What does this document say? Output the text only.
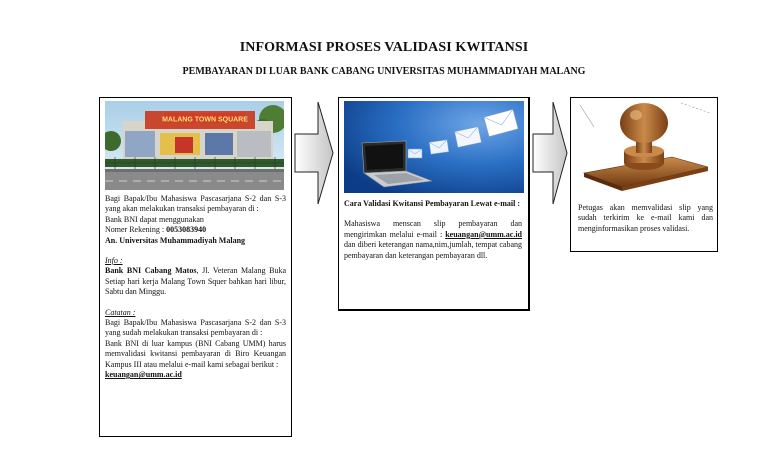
INFORMASI PROSES VALIDASI KWITANSI
PEMBAYARAN DI LUAR BANK CABANG UNIVERSITAS MUHAMMADIYAH MALANG
MALANG TOWN SQUARE

Bagi Bapak/Ibu Mahasiswa Pascasarjana S-2 dan S-3 yang akan melakukan transaksi pembayaran di :

Bank BNI dapat menggunakan

Nomer Rekening : 0053083940

An. Universitas Muhammadiyah Malang

Info :

Bank BNI Cabang Matos, Jl. Veteran Malang Buka Setiap hari kerja Malang Town Squer bahkan hari libur, Sabtu dan Minggu.

Catatan :

Bagi Bapak/Ibu Mahasiswa Pascasarjana S-2 dan S-3 yang sudah melakukan transaksi pembayaran di :

Bank BNI di luar kampus (BNI Cabang UMM) harus memvalidasi kwitansi pembayaran di Biro Keuangan Kampus III atau melalui e-mail kami sebagai berikut :

keuangan@umm.ac.id

Cara Validasi Kwitansi Pembayaran Lewat e-mail :

Mahasiswa menscan slip pembayaran dan mengirimkan melalui e-mail : keuangan@umm.ac.id dan diberi keterangan nama,nim,jumlah, tempat cabang pembayaran dan keterangan pembayaran dll.

Petugas akan memvalidasi slip yang sudah terkirim ke e-mail kami dan menginformasikan proses validasi.
